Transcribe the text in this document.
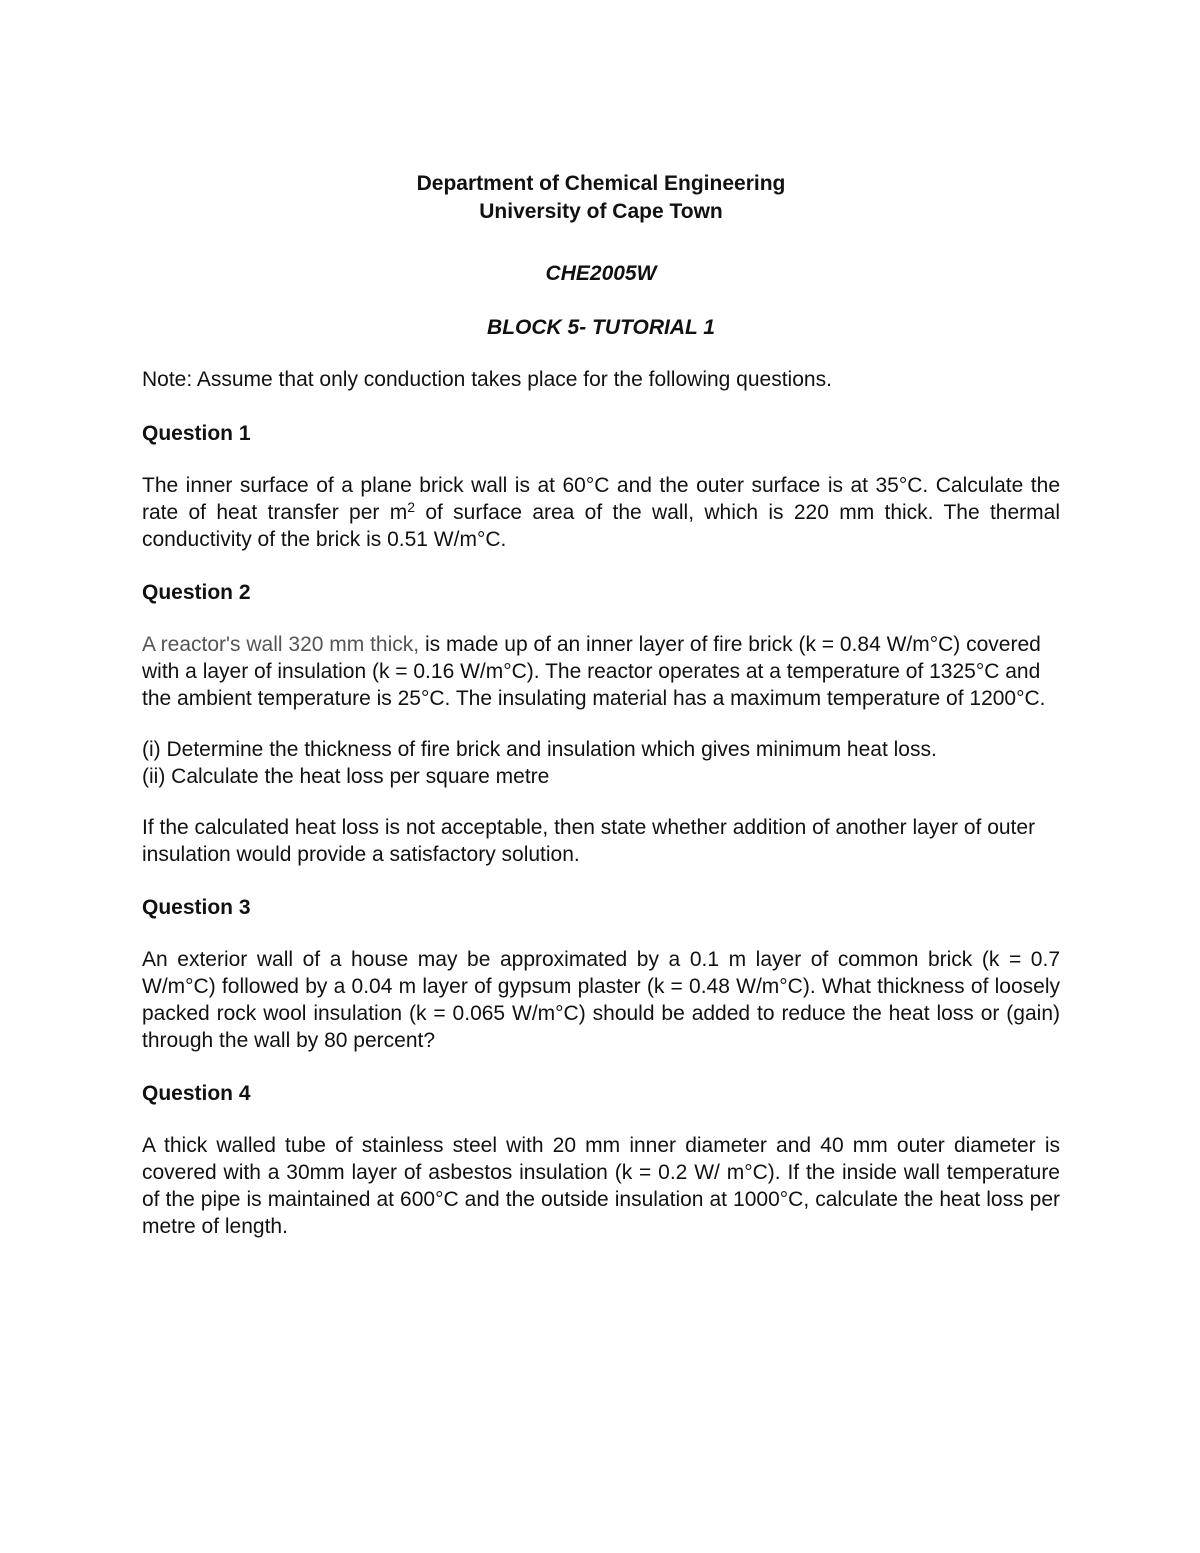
Department of Chemical Engineering

University of Cape Town

CHE2005W

BLOCK 5- TUTORIAL 1

Note: Assume that only conduction takes place for the following questions.

Question 1

The inner surface of a plane brick wall is at 60°C and the outer surface is at 35°C. Calculate the rate of heat transfer per $m^2$ of surface area of the wall, which is 220 mm thick. The thermal conductivity of the brick is 0.51 W/m°C.

Question 2

A reactor's wall 320 mm thick, is made up of an inner layer of fire brick (k = 0.84 W/m°C) covered with a layer of insulation (k = 0.16 W/m°C). The reactor operates at a temperature of 1325°C and the ambient temperature is 25°C. The insulating material has a maximum temperature of 1200°C.

(i) Determine the thickness of fire brick and insulation which gives minimum heat loss.
(ii) Calculate the heat loss per square metre

If the calculated heat loss is not acceptable, then state whether addition of another layer of outer insulation would provide a satisfactory solution.

Question 3

An exterior wall of a house may be approximated by a 0.1 m layer of common brick (k = 0.7 W/m°C) followed by a 0.04 m layer of gypsum plaster (k = 0.48 W/m°C). What thickness of loosely packed rock wool insulation (k = 0.065 W/m°C) should be added to reduce the heat loss or (gain) through the wall by 80 percent?

Question 4

A thick walled tube of stainless steel with 20 mm inner diameter and 40 mm outer diameter is covered with a 30mm layer of asbestos insulation (k = 0.2 W/ m°C). If the inside wall temperature of the pipe is maintained at 600°C and the outside insulation at 1000°C, calculate the heat loss per metre of length.
